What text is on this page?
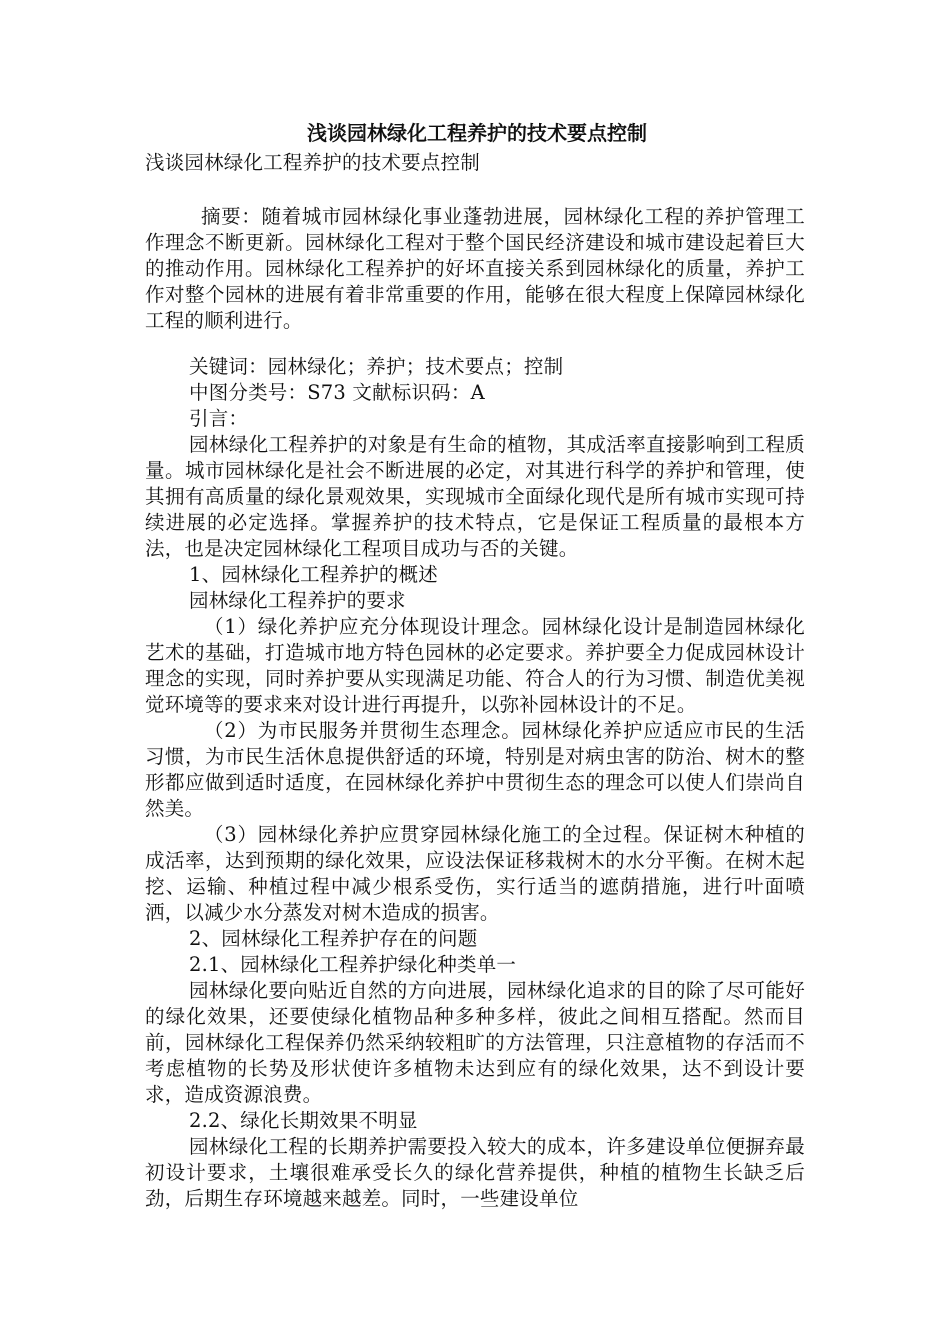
浅谈园林绿化工程养护的技术要点控制

浅谈园林绿化工程养护的技术要点控制

摘要：随着城市园林绿化事业蓬勃进展，园林绿化工程的养护管理工作理念不断更新。园林绿化工程对于整个国民经济建设和城市建设起着巨大的推动作用。园林绿化工程养护的好坏直接关系到园林绿化的质量，养护工作对整个园林的进展有着非常重要的作用，能够在很大程度上保障园林绿化工程的顺利进行。

关键词：园林绿化；养护；技术要点；控制

中图分类号：S73 文献标识码：A

引言：

园林绿化工程养护的对象是有生命的植物，其成活率直接影响到工程质量。城市园林绿化是社会不断进展的必定，对其进行科学的养护和管理，使其拥有高质量的绿化景观效果，实现城市全面绿化现代是所有城市实现可持续进展的必定选择。掌握养护的技术特点，它是保证工程质量的最根本方法，也是决定园林绿化工程项目成功与否的关键。

1、园林绿化工程养护的概述

园林绿化工程养护的要求

（1）绿化养护应充分体现设计理念。园林绿化设计是制造园林绿化艺术的基础，打造城市地方特色园林的必定要求。养护要全力促成园林设计理念的实现，同时养护要从实现满足功能、符合人的行为习惯、制造优美视觉环境等的要求来对设计进行再提升，以弥补园林设计的不足。

（2）为市民服务并贯彻生态理念。园林绿化养护应适应市民的生活习惯，为市民生活休息提供舒适的环境，特别是对病虫害的防治、树木的整形都应做到适时适度，在园林绿化养护中贯彻生态的理念可以使人们崇尚自然美。

（3）园林绿化养护应贯穿园林绿化施工的全过程。保证树木种植的成活率，达到预期的绿化效果，应设法保证移栽树木的水分平衡。在树木起挖、运输、种植过程中减少根系受伤，实行适当的遮荫措施，进行叶面喷洒，以减少水分蒸发对树木造成的损害。

2、园林绿化工程养护存在的问题

2.1、园林绿化工程养护绿化种类单一

园林绿化要向贴近自然的方向进展，园林绿化追求的目的除了尽可能好的绿化效果，还要使绿化植物品种多种多样，彼此之间相互搭配。然而目前，园林绿化工程保养仍然采纳较粗旷的方法管理，只注意植物的存活而不考虑植物的长势及形状使许多植物未达到应有的绿化效果，达不到设计要求，造成资源浪费。

2.2、绿化长期效果不明显

园林绿化工程的长期养护需要投入较大的成本，许多建设单位便摒弃最初设计要求，土壤很难承受长久的绿化营养提供，种植的植物生长缺乏后劲，后期生存环境越来越差。同时，一些建设单位
